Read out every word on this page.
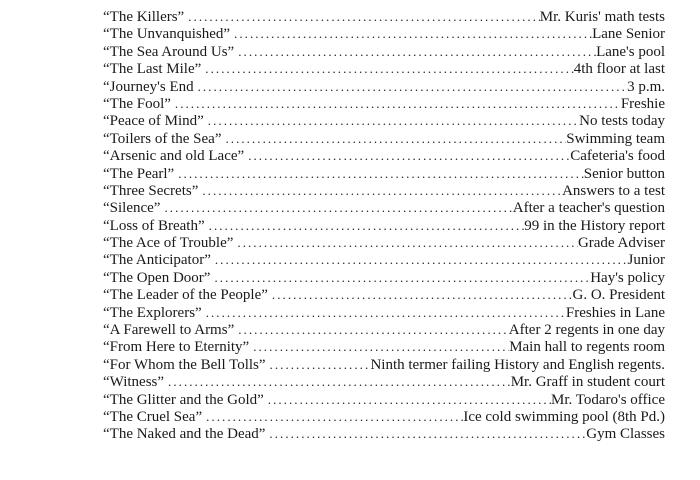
“The Killers” . . .	Mr. Kuris' math tests
“The Unvanquished” . . .	Lane Senior
“The Sea Around Us” . . .	Lane's pool
“The Last Mile” . . .	4th floor at last
“Journey's End . . .	3 p.m.
“The Fool” . . .	Freshie
“Peace of Mind” . . .	No tests today
“Toilers of the Sea” . . .	Swimming team
“Arsenic and old Lace” . . .	Cafeteria's food
“The Pearl” . . .	Senior button
“Three Secrets” . . .	Answers to a test
“Silence” . . .	After a teacher's question
“Loss of Breath” . . .	99 in the History report
“The Ace of Trouble” . . .	Grade Adviser
“The Anticipator” . . .	Junior
“The Open Door” . . .	Hay's policy
“The Leader of the People” . . .	G. O. President
“The Explorers” . . .	Freshies in Lane
“A Farewell to Arms” . . .	After 2 regents in one day
“From Here to Eternity” . . .	Main hall to regents room
“For Whom the Bell Tolls” . . .	Ninth termer failing History and English regents.
“Witness” . . .	Mr. Graff in student court
“The Glitter and the Gold” . . .	Mr. Todaro's office
“The Cruel Sea” . . .	Ice cold swimming pool (8th Pd.)
“The Naked and the Dead” . . .	Gym Classes
